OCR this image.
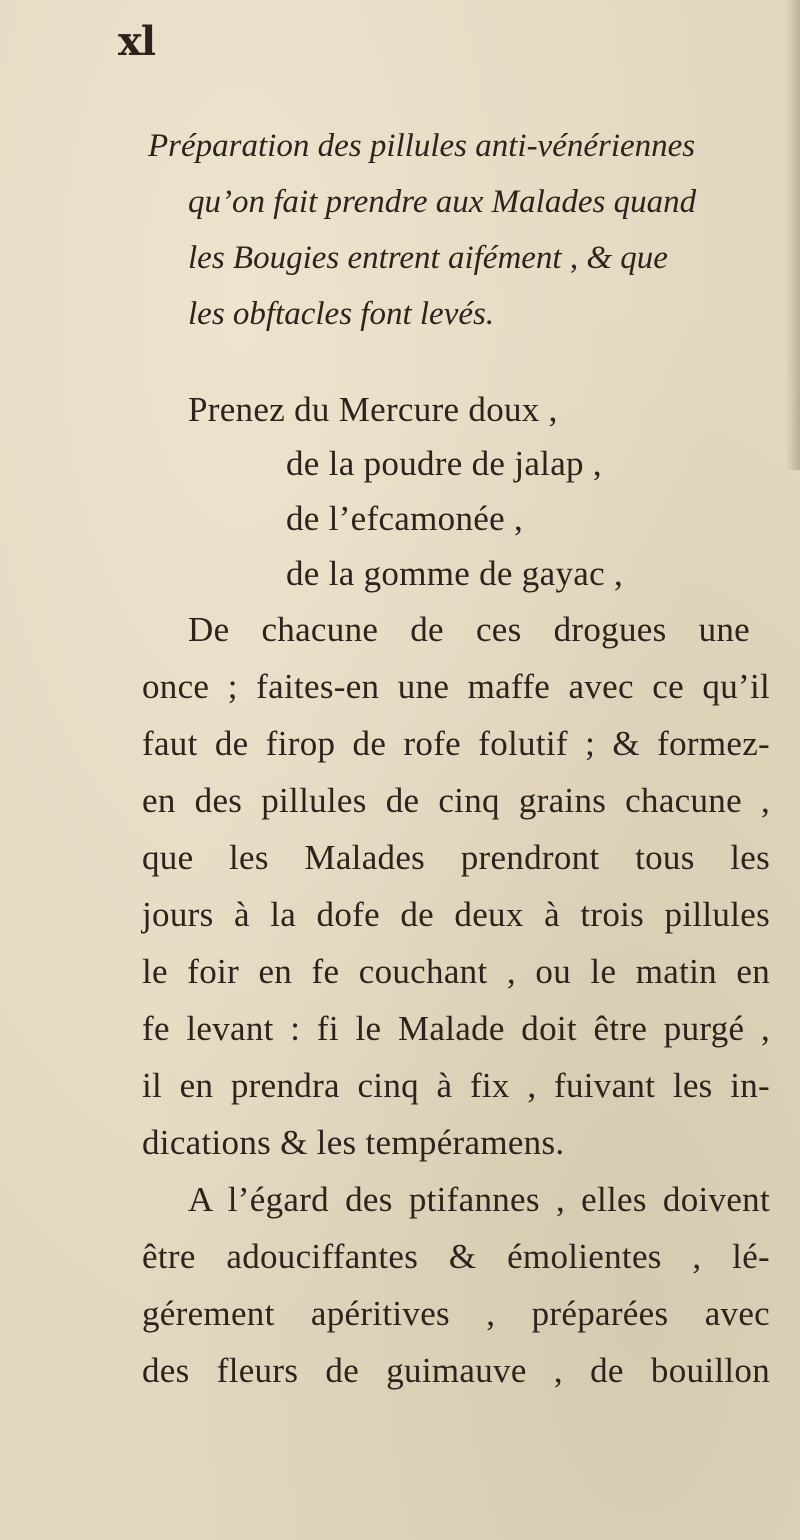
xl
Préparation des pillules anti-vénériennes
qu’on fait prendre aux Malades quand
les Bougies entrent aifément , & que
les obftacles font levés.
Prenez du Mercure doux ,
de la poudre de jalap ,
de l’efcamonée ,
de la gomme de gayac ,
De chacune de ces drogues une
once ; faites-en une maffe avec ce qu’il
faut de firop de rofe folutif ; & formez-
en des pillules de cinq grains chacune ,
que les Malades prendront tous les
jours à la dofe de deux à trois pillules
le foir en fe couchant , ou le matin en
fe levant : fi le Malade doit être purgé ,
il en prendra cinq à fix , fuivant les in-
dications & les tempéramens.
A l’égard des ptifannes , elles doivent
être adouciffantes & émolientes , lé-
gérement apéritives , préparées avec
des fleurs de guimauve , de bouillon
